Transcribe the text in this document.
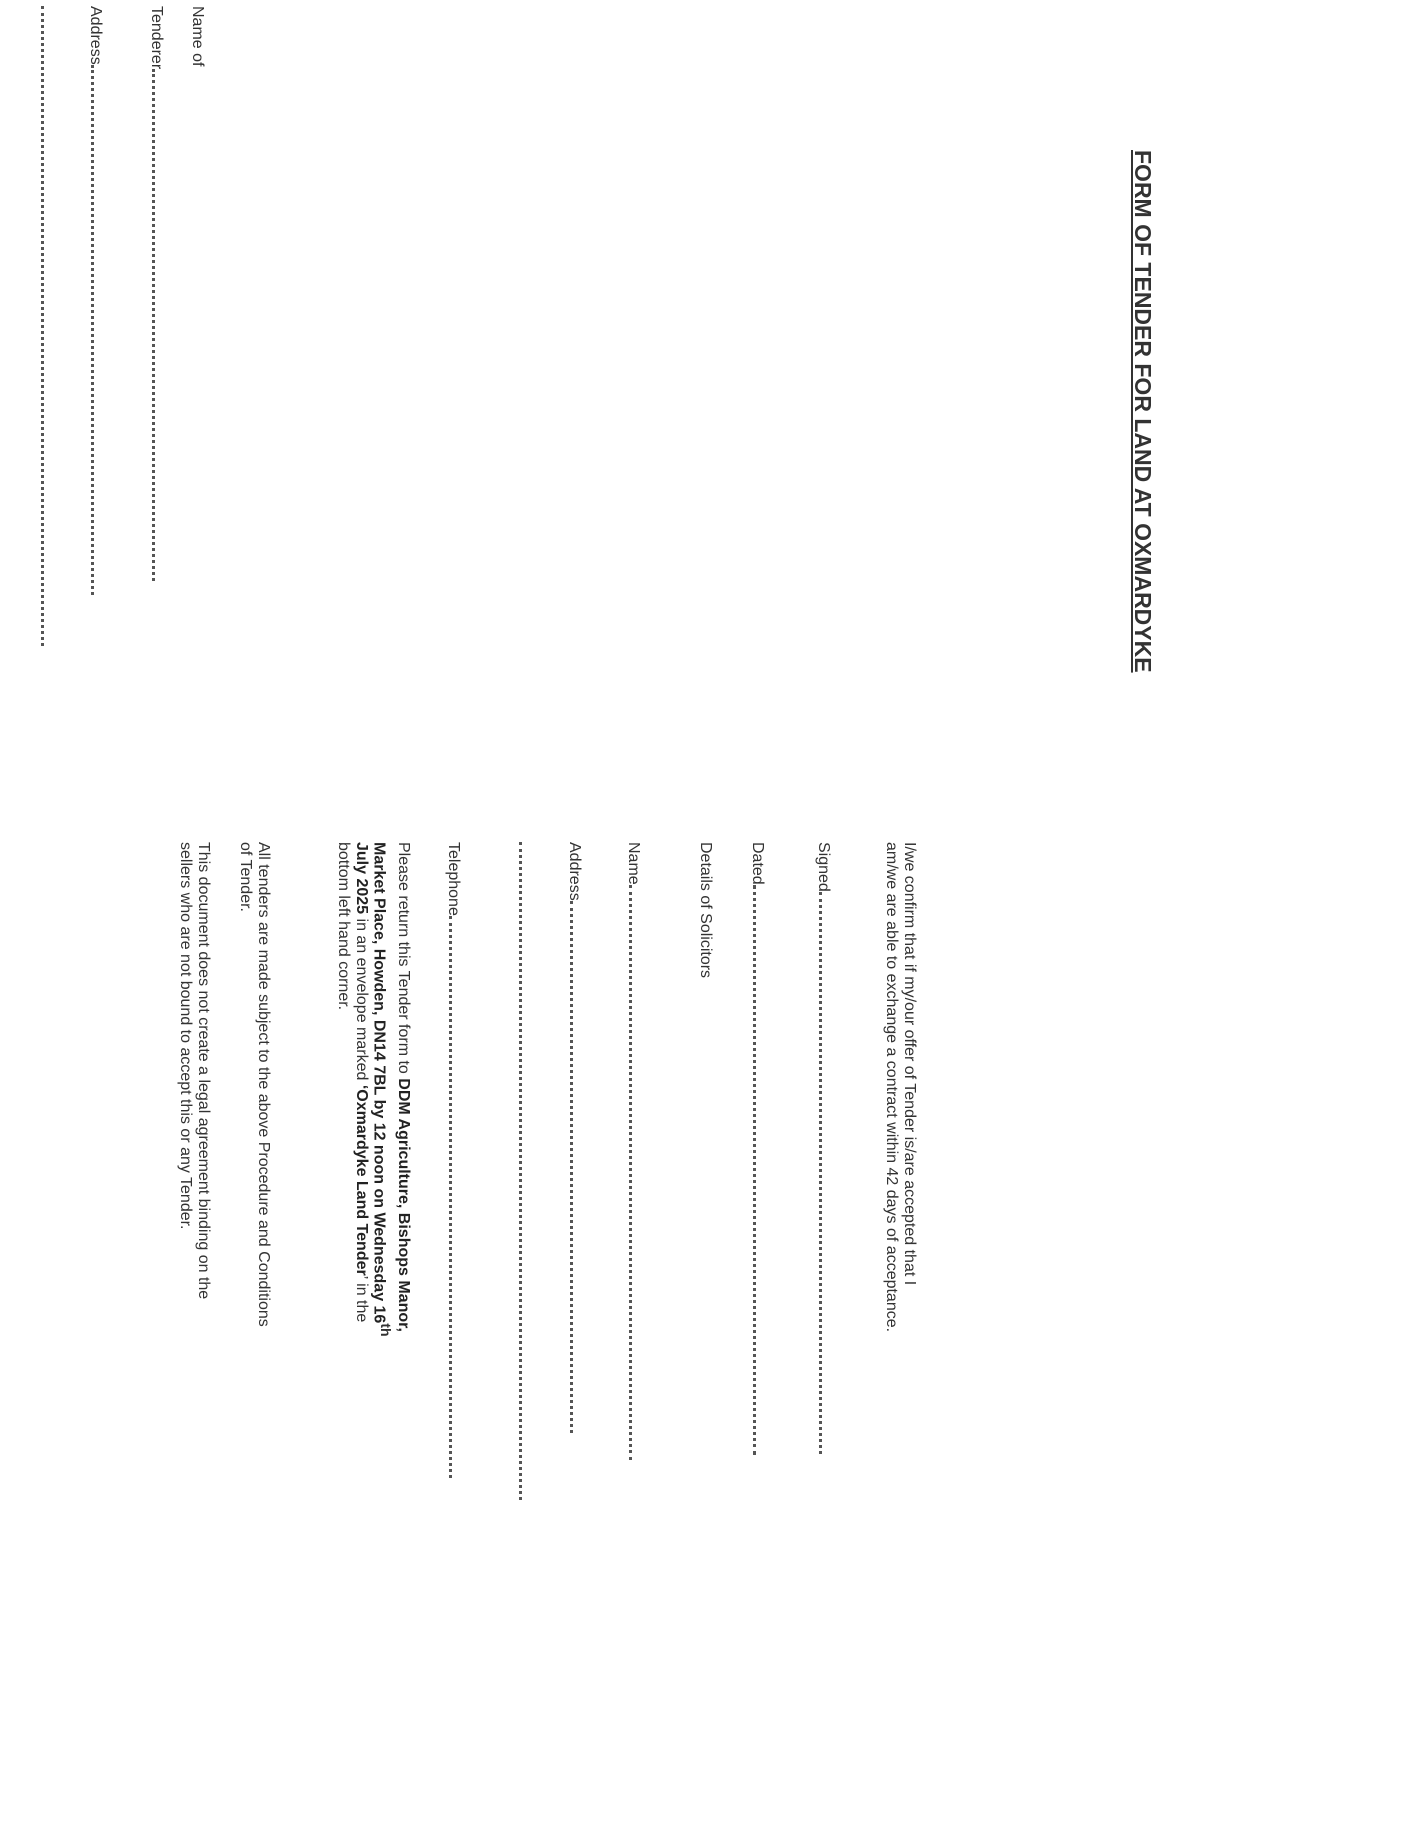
FORM OF TENDER FOR LAND AT OXMARDYKE
Name of
Tenderer
Address
I/we confirm that if my/our offer of Tender is/are accepted that I
am/we are able to exchange a contract within 42 days of acceptance.
Signed
Dated
Details of Solicitors
Name
Address
Telephone
Please return this Tender form to DDM Agriculture, Bishops Manor,
Market Place, Howden, DN14 7BL by 12 noon on Wednesday 16th
July 2025 in an envelope marked ‘Oxmardyke Land Tender’ in the
bottom left hand corner.
All tenders are made subject to the above Procedure and Conditions
of Tender.
This document does not create a legal agreement binding on the
sellers who are not bound to accept this or any Tender.
